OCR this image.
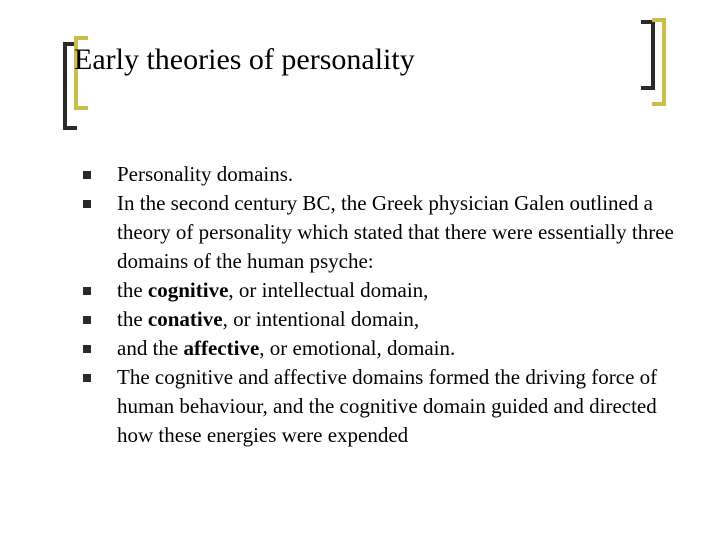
Early theories of personality
Personality domains.
In the second century BC, the Greek physician Galen outlined a theory of personality which stated that there were essentially three domains of the human psyche:
the cognitive, or intellectual domain,
the conative, or intentional domain,
and the affective, or emotional, domain.
The cognitive and affective domains formed the driving force of human behaviour, and the cognitive domain guided and directed how these energies were expended
